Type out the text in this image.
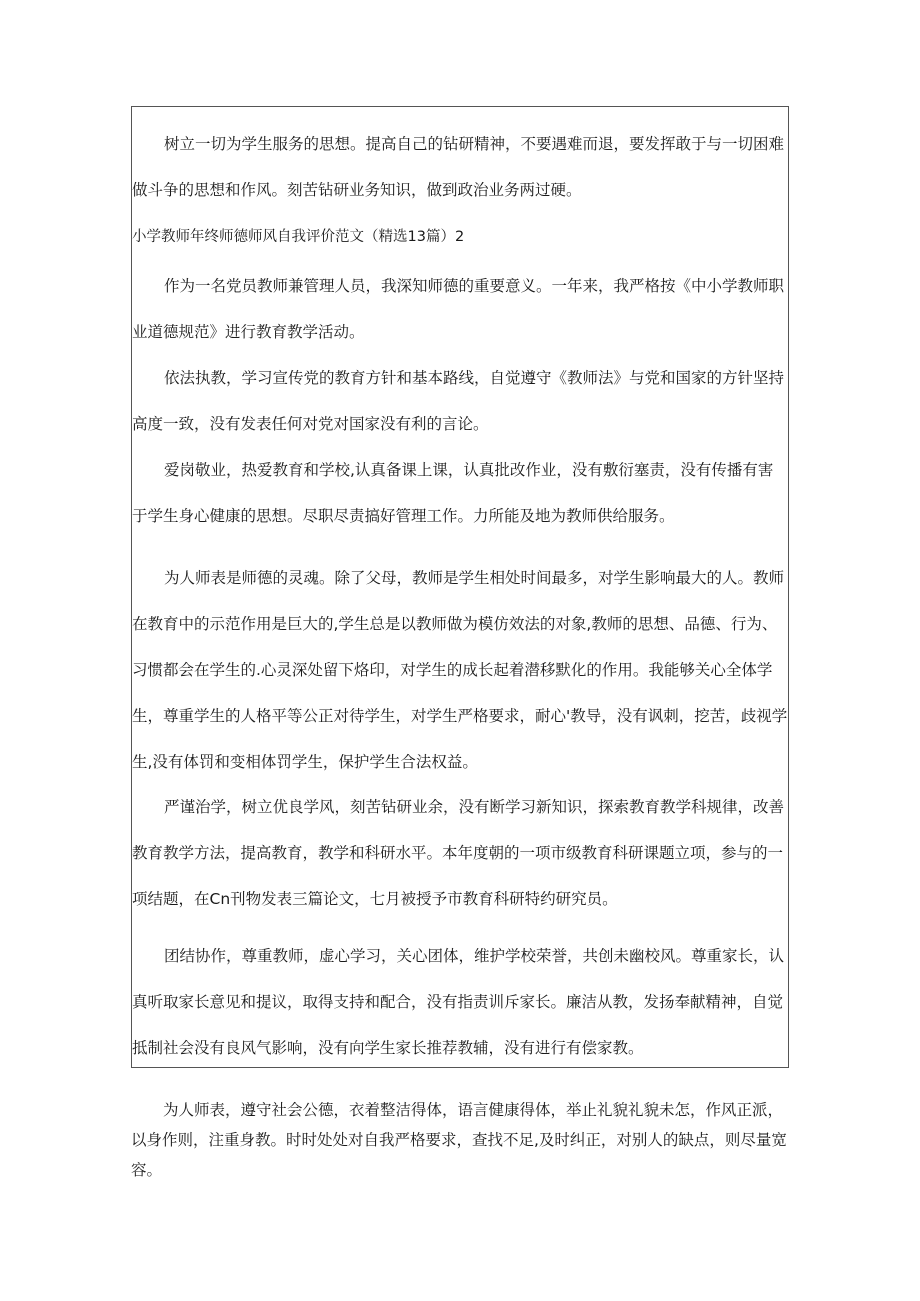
树立一切为学生服务的思想。提高自己的钻研精神，不要遇难而退，要发挥敢于与一切困难做斗争的思想和作风。刻苦钻研业务知识，做到政治业务两过硬。

小学教师年终师德师风自我评价范文（精选13篇）2

作为一名党员教师兼管理人员，我深知师德的重要意义。一年来，我严格按《中小学教师职业道德规范》进行教育教学活动。

依法执教，学习宣传党的教育方针和基本路线，自觉遵守《教师法》与党和国家的方针坚持高度一致，没有发表任何对党对国家没有利的言论。

爱岗敬业，热爱教育和学校,认真备课上课，认真批改作业，没有敷衍塞责，没有传播有害于学生身心健康的思想。尽职尽责搞好管理工作。力所能及地为教师供给服务。

为人师表是师德的灵魂。除了父母，教师是学生相处时间最多，对学生影响最大的人。教师在教育中的示范作用是巨大的,学生总是以教师做为模仿效法的对象,教师的思想、品德、行为、习惯都会在学生的.心灵深处留下烙印，对学生的成长起着潜移默化的作用。我能够关心全体学生，尊重学生的人格平等公正对待学生，对学生严格要求，耐心'教导，没有讽刺，挖苦，歧视学生,没有体罚和变相体罚学生，保护学生合法权益。

严谨治学，树立优良学风，刻苦钻研业余，没有断学习新知识，探索教育教学科规律，改善教育教学方法，提高教育，教学和科研水平。本年度朝的一项市级教育科研课题立项，参与的一项结题，在Cn刊物发表三篇论文，七月被授予市教育科研特约研究员。

团结协作，尊重教师，虚心学习，关心团体，维护学校荣誉，共创未幽校风。尊重家长，认真听取家长意见和提议，取得支持和配合，没有指责训斥家长。廉洁从教，发扬奉献精神，自觉抵制社会没有良风气影响，没有向学生家长推荐教辅，没有进行有偿家教。

为人师表，遵守社会公德，衣着整洁得体，语言健康得体，举止礼貌礼貌未怎，作风正派，以身作则，注重身教。时时处处对自我严格要求，查找不足,及时纠正，对别人的缺点，则尽量宽容。
